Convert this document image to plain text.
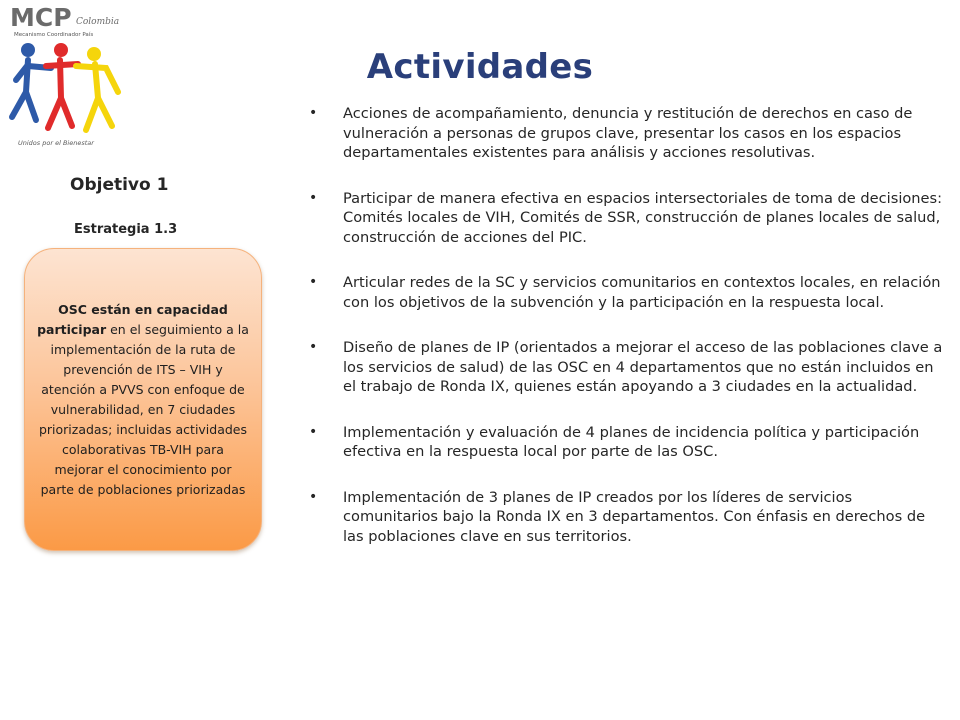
MCP Colombia
Mecanismo Coordinador País
Unidos por el Bienestar
Actividades
Objetivo 1
Estrategia 1.3
OSC están en capacidad participar en el seguimiento a la implementación de la ruta de prevención de ITS – VIH y atención a PVVS con enfoque de vulnerabilidad, en 7 ciudades priorizadas; incluidas actividades colaborativas TB-VIH para mejorar el conocimiento por parte de poblaciones priorizadas
• Acciones de acompañamiento, denuncia y restitución de derechos en caso de vulneración a personas de grupos clave, presentar los casos en los espacios departamentales existentes para análisis y acciones resolutivas.
• Participar de manera efectiva en espacios intersectoriales de toma de decisiones: Comités locales de VIH, Comités de SSR, construcción de planes locales de salud, construcción de acciones del PIC.
• Articular redes de la SC y servicios comunitarios en contextos locales, en relación con los objetivos de la subvención y la participación en la respuesta local.
• Diseño de planes de IP (orientados a mejorar el acceso de las poblaciones clave a los servicios de salud) de las OSC en 4 departamentos que no están incluidos en el trabajo de Ronda IX, quienes están apoyando a 3 ciudades en la actualidad.
• Implementación y evaluación de 4 planes de incidencia política y participación efectiva en la respuesta local por parte de las OSC.
• Implementación de 3 planes de IP creados por los líderes de servicios comunitarios bajo la Ronda IX en 3 departamentos. Con énfasis en derechos de las poblaciones clave en sus territorios.
